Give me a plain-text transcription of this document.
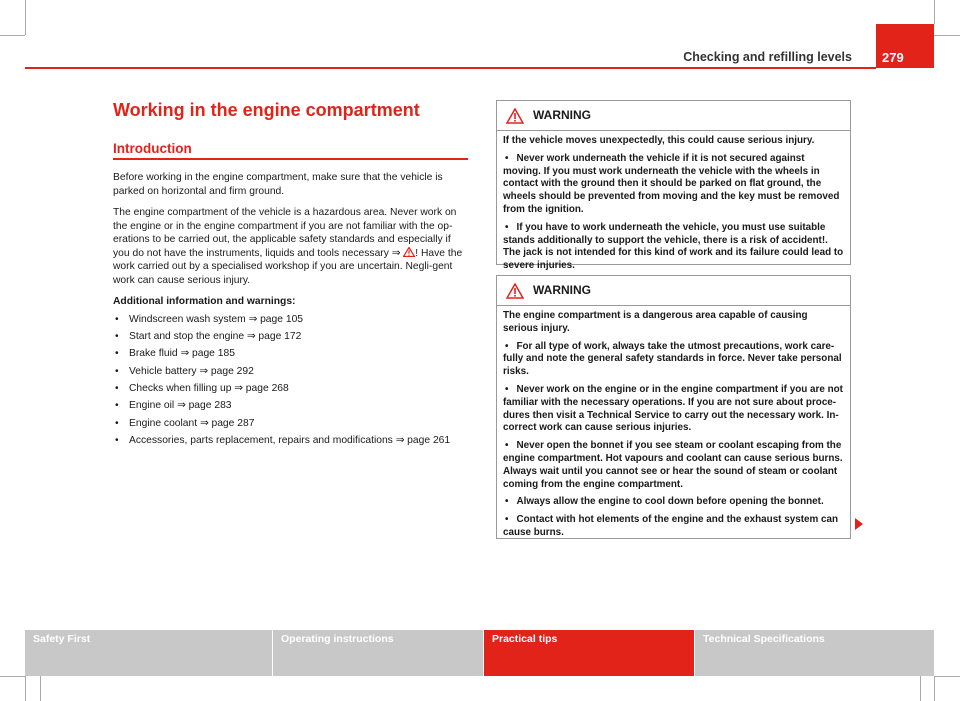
Checking and refilling levels	279
Working in the engine compartment
Introduction

Before working in the engine compartment, make sure that the vehicle is parked on horizontal and firm ground.

The engine compartment of the vehicle is a hazardous area. Never work on the engine or in the engine compartment if you are not familiar with the op-erations to be carried out, the applicable safety standards and especially if you do not have the instruments, liquids and tools necessary ⇒ ! Have the work carried out by a specialised workshop if you are uncertain. Negli-gent work can cause serious injury.

Additional information and warnings:

• Windscreen wash system ⇒ page 105
• Start and stop the engine ⇒ page 172
• Brake fluid ⇒ page 185
• Vehicle battery ⇒ page 292
• Checks when filling up ⇒ page 268
• Engine oil ⇒ page 283
• Engine coolant ⇒ page 287
• Accessories, parts replacement, repairs and modifications ⇒ page 261
WARNING

If the vehicle moves unexpectedly, this could cause serious injury.

• Never work underneath the vehicle if it is not secured against moving. If you must work underneath the vehicle with the wheels in contact with the ground then it should be parked on flat ground, the wheels should be prevented from moving and the key must be removed from the ignition.

• If you have to work underneath the vehicle, you must use suitable stands additionally to support the vehicle, there is a risk of accident!. The jack is not intended for this kind of work and its failure could lead to severe injuries.

WARNING

The engine compartment is a dangerous area capable of causing serious injury.

• For all type of work, always take the utmost precautions, work care-fully and note the general safety standards in force. Never take personal risks.

• Never work on the engine or in the engine compartment if you are not familiar with the necessary operations. If you are not sure about proce-dures then visit a Technical Service to carry out the necessary work. In-correct work can cause serious injuries.

• Never open the bonnet if you see steam or coolant escaping from the engine compartment. Hot vapours and coolant can cause serious burns. Always wait until you cannot see or hear the sound of steam or coolant coming from the engine compartment.

• Always allow the engine to cool down before opening the bonnet.

• Contact with hot elements of the engine and the exhaust system can cause burns.

Safety First	Operating instructions	Practical tips	Technical Specifications
